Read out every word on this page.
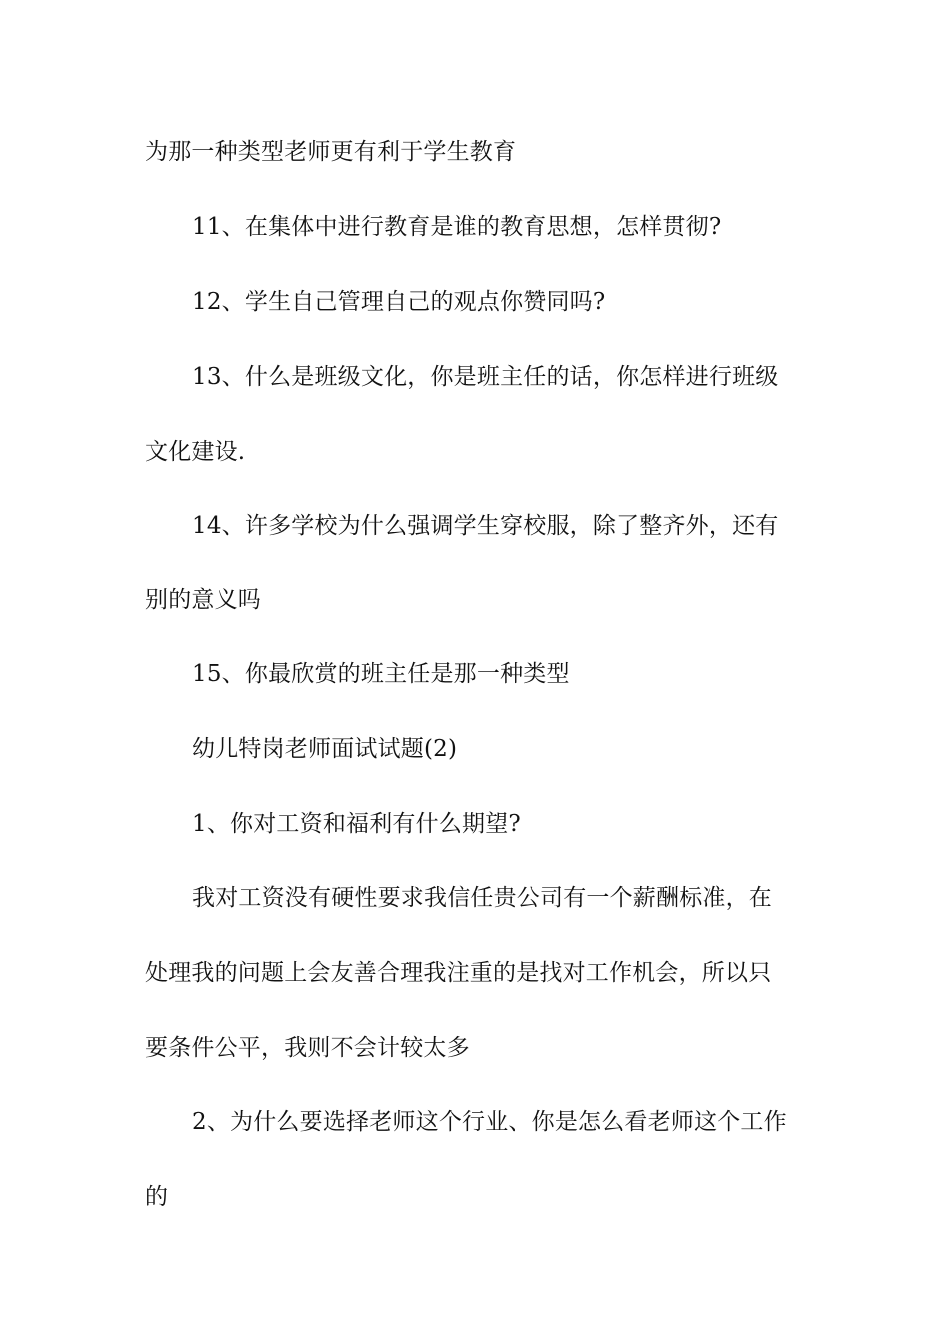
为那一种类型老师更有利于学生教育
11、在集体中进行教育是谁的教育思想，怎样贯彻?
12、学生自己管理自己的观点你赞同吗?
13、什么是班级文化，你是班主任的话，你怎样进行班级
文化建设.
14、许多学校为什么强调学生穿校服，除了整齐外，还有
别的意义吗
15、你最欣赏的班主任是那一种类型
幼儿特岗老师面试试题(2)
1、你对工资和福利有什么期望?
我对工资没有硬性要求我信任贵公司有一个薪酬标准，在
处理我的问题上会友善合理我注重的是找对工作机会，所以只
要条件公平，我则不会计较太多
2、为什么要选择老师这个行业、你是怎么看老师这个工作
的
